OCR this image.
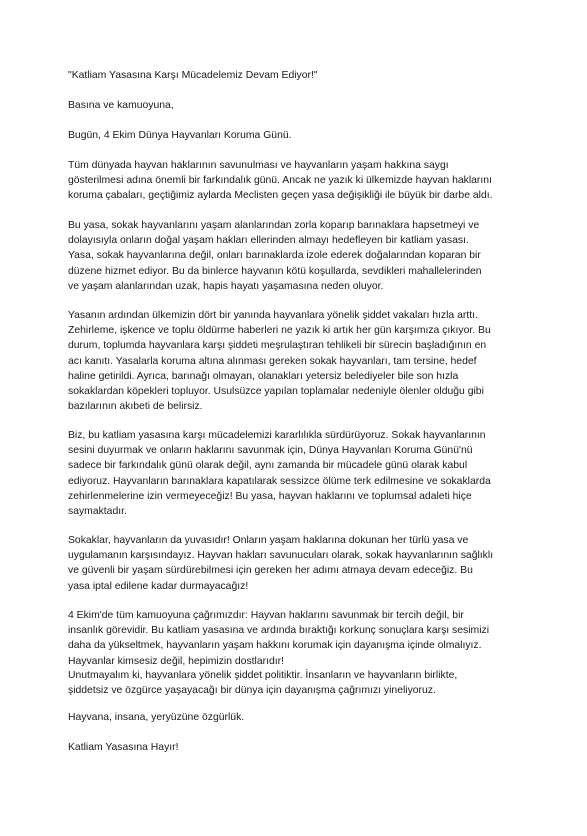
"Katliam Yasasına Karşı Mücadelemiz Devam Ediyor!"
Basına ve kamuoyuna,
Bugün, 4 Ekim Dünya Hayvanları Koruma Günü.
Tüm dünyada hayvan haklarının savunulması ve hayvanların yaşam hakkına saygı
gösterilmesi adına önemli bir farkındalık günü. Ancak ne yazık ki ülkemizde hayvan haklarını
koruma çabaları, geçtiğimiz aylarda Meclisten geçen yasa değişikliği ile büyük bir darbe aldı.
Bu yasa, sokak hayvanlarını yaşam alanlarından zorla koparıp barınaklara hapsetmeyi ve
dolayısıyla onların doğal yaşam hakları ellerinden almayı hedefleyen bir katliam yasası.
Yasa, sokak hayvanlarına değil, onları barınaklarda izole ederek doğalarından koparan bir
düzene hizmet ediyor. Bu da binlerce hayvanın kötü koşullarda, sevdikleri mahallelerinden
ve yaşam alanlarından uzak, hapis hayatı yaşamasına neden oluyor.
Yasanın ardından ülkemizin dört bir yanında hayvanlara yönelik şiddet vakaları hızla arttı.
Zehirleme, işkence ve toplu öldürme haberleri ne yazık ki artık her gün karşımıza çıkıyor. Bu
durum, toplumda hayvanlara karşı şiddeti meşrulaştıran tehlikeli bir sürecin başladığının en
acı kanıtı. Yasalarla koruma altına alınması gereken sokak hayvanları, tam tersine, hedef
haline getirildi. Ayrıca, barınağı olmayan, olanakları yetersiz belediyeler bile son hızla
sokaklardan köpekleri topluyor. Usulsüzce yapılan toplamalar nedeniyle ölenler olduğu gibi
bazılarının akıbeti de belirsiz.
Biz, bu katliam yasasına karşı mücadelemizi kararlılıkla sürdürüyoruz. Sokak hayvanlarının
sesini duyurmak ve onların haklarını savunmak için, Dünya Hayvanları Koruma Günü'nü
sadece bir farkındalık günü olarak değil, aynı zamanda bir mücadele günü olarak kabul
ediyoruz. Hayvanların barınaklara kapatılarak sessizce ölüme terk edilmesine ve sokaklarda
zehirlenmelerine izin vermeyeceğiz! Bu yasa, hayvan haklarını ve toplumsal adaleti hiçe
saymaktadır.
Sokaklar, hayvanların da yuvasıdır! Onların yaşam haklarına dokunan her türlü yasa ve
uygulamanın karşısındayız. Hayvan hakları savunucuları olarak, sokak hayvanlarının sağlıklı
ve güvenli bir yaşam sürdürebilmesi için gereken her adımı atmaya devam edeceğiz. Bu
yasa iptal edilene kadar durmayacağız!
4 Ekim'de tüm kamuoyuna çağrımızdır: Hayvan haklarını savunmak bir tercih değil, bir
insanlık görevidir. Bu katliam yasasına ve ardında bıraktığı korkunç sonuçlara karşı sesimizi
daha da yükseltmek, hayvanların yaşam hakkını korumak için dayanışma içinde olmalıyız.
Hayvanlar kimsesiz değil, hepimizin dostlarıdır!
Unutmayalım ki, hayvanlara yönelik şiddet politiktir. İnsanların ve hayvanların birlikte,
şiddetsiz ve özgürce yaşayacağı bir dünya için dayanışma çağrımızı yineliyoruz.
Hayvana, insana, yeryüzüne özgürlük.
Katliam Yasasına Hayır!
